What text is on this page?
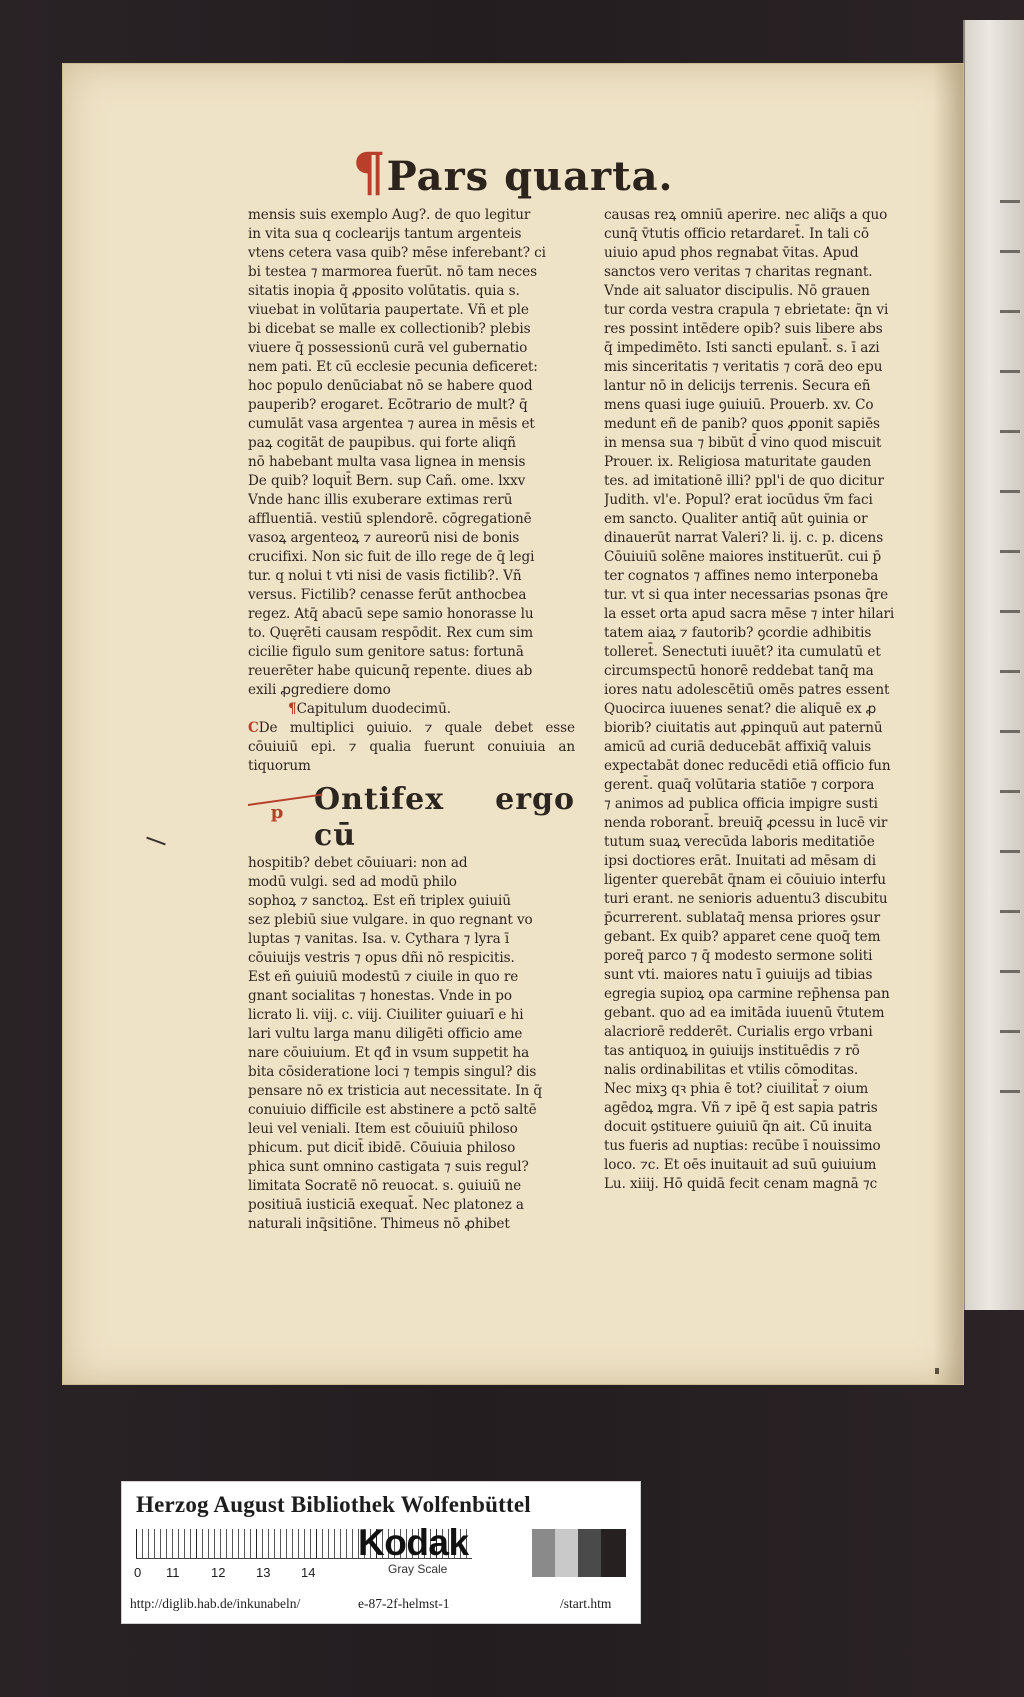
¶Pars quarta.

mensis suis exemplo Aug?. de quo legitur

in vita sua q coclearijs tantum argenteis

vtens cetera vasa quib? mēse inferebant? ci

bi testea ⁊ marmorea fuerūt. nō tam neces

sitatis inopia q̄ ꝓposito volūtatis. quia s.

viuebat in volūtaria paupertate. Vñ et ple

bi dicebat se malle ex collectionib? plebis

viuere q̄ possessionū curā vel gubernatio

nem pati. Et cū ecclesie pecunia deficeret:

hoc populo denūciabat nō se habere quod

pauperib? erogaret. Ecōtrario de mult? q̄

cumulāt vasa argentea ⁊ aurea in mēsis et

paꝝ cogitāt de paupibus. qui forte aliqñ

nō habebant multa vasa lignea in mensis

De quib? loquit̄ Bern. sup Cañ. ome. lxxv

Vnde hanc illis exuberare extimas rerū

affluentiā. vestiū splendorē. cōgregationē

vasoꝝ argenteoꝝ ⁊ aureorū nisi de bonis

crucifixi. Non sic fuit de illo rege de q̄ legi

tur. q nolui t vti nisi de vasis fictilib?. Vñ

versus. Fictilib? cenasse ferūt anthocbea

regez. Atq̄ abacū sepe samio honorasse lu

to. Quęrēti causam respōdit. Rex cum sim

cicilie figulo sum genitore satus: fortunā

reuerēter habe quicunq̄ repente. diues ab

exili ꝓgrediere domo

¶Capitulum duodecimū.

CDe multiplici ꝯuiuio. ⁊ quale debet esse cōuiuiū epi. ⁊ qualia fuerunt conuiuia an tiquorum

p	Ontifex ergo cū

hospitib? debet cōuiuari: non ad

modū vulgi. sed ad modū philo

sophoꝝ ⁊ sanctoꝝ. Est eñ triplex ꝯuiuiū

sez plebiū siue vulgare. in quo regnant vo

luptas ⁊ vanitas. Isa. v. Cythara ⁊ lyra ī

cōuiuijs vestris ⁊ opus dñi nō respicitis.

Est eñ ꝯuiuiū modestū ⁊ ciuile in quo re

gnant socialitas ⁊ honestas. Vnde in po

licrato li. viij. c. viij. Ciuiliter ꝯuiuarī e hi

lari vultu larga manu diligēti officio ame

nare cōuiuium. Et qđ in vsum suppetit ha

bita cōsideratione loci ⁊ tempis singul? dis

pensare nō ex tristicia aut necessitate. In q̄

conuiuio difficile est abstinere a pctō saltē

leui vel veniali. Item est cōuiuiū philoso

phicum. put dicit̄ ibidē. Cōuiuia philoso

phica sunt omnino castigata ⁊ suis regul?

limitata Socratē nō reuocat. s. ꝯuiuiū ne

positiuā iusticiā exequat̄. Nec platonez a

naturali inq̄sitiōne. Thimeus nō ꝓhibet

causas reꝝ omniū aperire. nec aliq̄s a quo

cunq̄ v̄tutis officio retardaret̄. In tali cō

uiuio apud phos regnabat v̄itas. Apud

sanctos vero veritas ⁊ charitas regnant.

Vnde ait saluator discipulis. Nō grauen

tur corda vestra crapula ⁊ ebrietate: q̄n vi

res possint intēdere opib? suis libere abs

q̄ impedimēto. Isti sancti epulant̄. s. ī azi

mis sinceritatis ⁊ veritatis ⁊ corā deo epu

lantur nō in delicijs terrenis. Secura eñ

mens quasi iuge ꝯuiuiū. Prouerb. xv. Co

medunt eñ de panib? quos ꝓponit sapiēs

in mensa sua ⁊ bibūt d̄ vino quod miscuit

Prouer. ix. Religiosa maturitate gauden

tes. ad imitationē illi? ppl'i de quo dicitur

Judith. vl'e. Popul? erat iocūdus v̄m faci

em sancto. Qualiter antiq̄ aūt ꝯuinia or

dinauerūt narrat Valeri? li. ij. c. p. dicens

Cōuiuiū solēne maiores instituerūt. cui p̄

ter cognatos ⁊ affines nemo interponeba

tur. vt si qua inter necessarias psonas q̄re

la esset orta apud sacra mēse ⁊ inter hilari

tatem aiaꝝ ⁊ fautorib? ꝯcordie adhibitis

tolleret̄. Senectuti iuuēt? ita cumulatū et

circumspectū honorē reddebat tanq̄ ma

iores natu adolescētiū omēs patres essent

Quocirca iuuenes senat? die aliquē ex ꝓ

biorib? ciuitatis aut ꝓpinquū aut paternū

amicū ad curiā deducebāt affixiq̄ valuis

expectabāt donec reducēdi etiā officio fun

gerent̄. quaq̄ volūtaria statiōe ⁊ corpora

⁊ animos ad publica officia impigre susti

nenda roborant̄. breuiq̄ ꝓcessu in lucē vir

tutum suaꝝ verecūda laboris meditatiōe

ipsi doctiores erāt. Inuitati ad mēsam di

ligenter querebāt q̄nam ei cōuiuio interfu

turi erant. ne senioris aduentu3 discubitu

p̄currerent. sublataq̄ mensa priores ꝯsur

gebant. Ex quib? apparet cene quoq̄ tem

poreq̄ parco ⁊ q̄ modesto sermone soliti

sunt vti. maiores natu ī ꝯuiuijs ad tibias

egregia supioꝝ opa carmine rep̄hensa pan

gebant. quo ad ea imitāda iuuenū v̄tutem

alacriorē redderēt. Curialis ergo vrbani

tas antiquoꝝ in ꝯuiuijs instituēdis ⁊ rō

nalis ordinabilitas et vtilis cōmoditas.

Nec mixꝫ qꝛ phia ē tot? ciuilitat̄ ⁊ oium

agēdoꝝ mgra. Vñ ⁊ ipē q̄ est sapia patris

docuit ꝯstituere ꝯuiuiū q̄n ait. Cū inuita

tus fueris ad nuptias: recūbe ī nouissimo

loco. ⁊c. Et oēs inuitauit ad suū ꝯuiuium

Lu. xiiij. Hō quidā fecit cenam magnā ⁊c

Herzog August Bibliothek Wolfenbüttel
0 11 12 13 14
Kodak
Gray Scale
http://diglib.hab.de/inkunabeln/	e-87-2f-helmst-1	/start.htm
